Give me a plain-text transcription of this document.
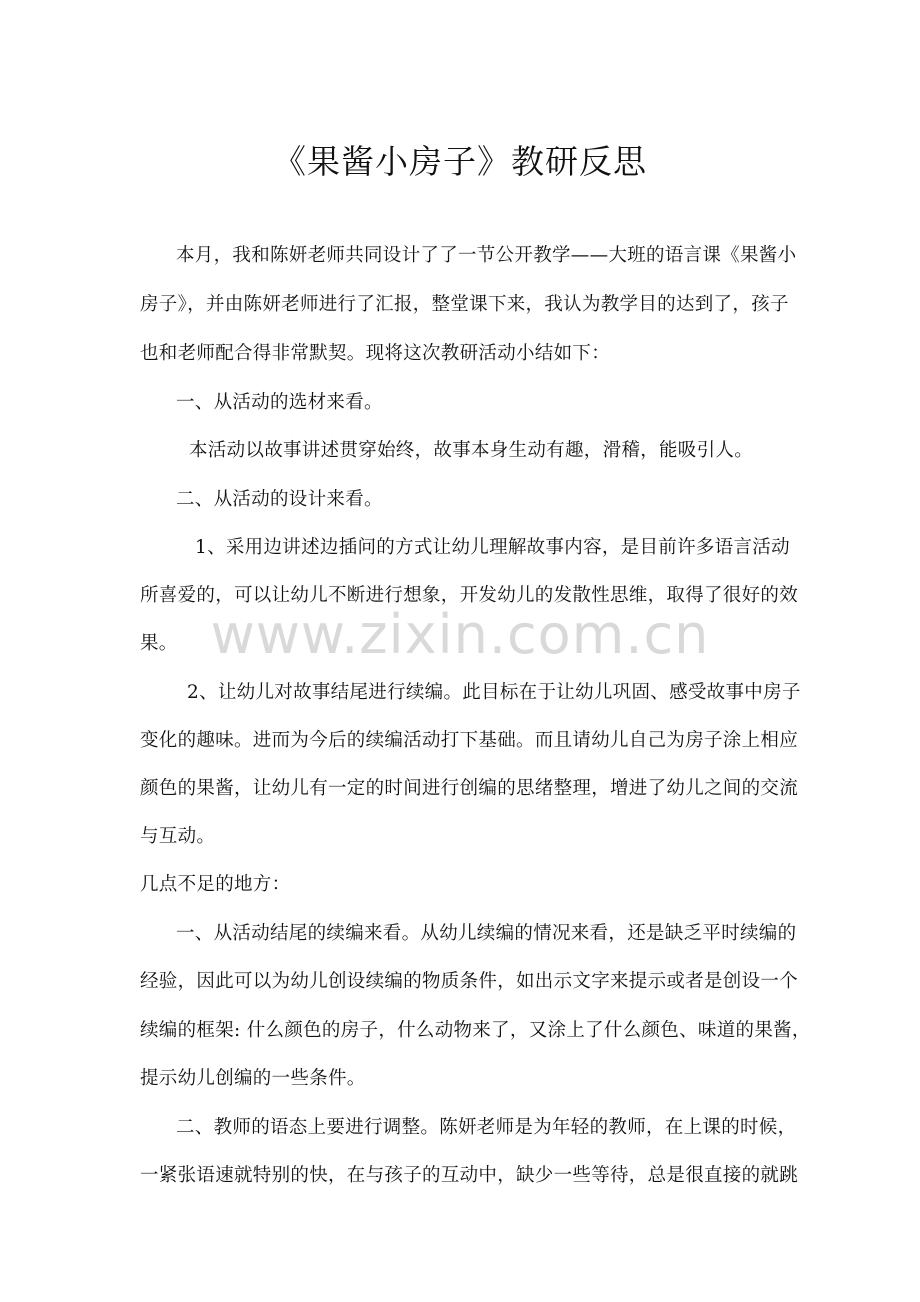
《果酱小房子》教研反思
本月，我和陈妍老师共同设计了了一节公开教学——大班的语言课《果酱小
房子》，并由陈妍老师进行了汇报，整堂课下来，我认为教学目的达到了，孩子
也和老师配合得非常默契。现将这次教研活动小结如下：
一、从活动的选材来看。
本活动以故事讲述贯穿始终，故事本身生动有趣，滑稽，能吸引人。
二、从活动的设计来看。
1、采用边讲述边插问的方式让幼儿理解故事内容，是目前许多语言活动
所喜爱的，可以让幼儿不断进行想象，开发幼儿的发散性思维，取得了很好的效
果。
2、让幼儿对故事结尾进行续编。此目标在于让幼儿巩固、感受故事中房子
变化的趣味。进而为今后的续编活动打下基础。而且请幼儿自己为房子涂上相应
颜色的果酱，让幼儿有一定的时间进行创编的思绪整理，增进了幼儿之间的交流
与互动。
几点不足的地方：
一、从活动结尾的续编来看。从幼儿续编的情况来看，还是缺乏平时续编的
经验，因此可以为幼儿创设续编的物质条件，如出示文字来提示或者是创设一个
续编的框架: 什么颜色的房子，什么动物来了，又涂上了什么颜色、味道的果酱，
提示幼儿创编的一些条件。
二、教师的语态上要进行调整。陈妍老师是为年轻的教师，在上课的时候，
一紧张语速就特别的快，在与孩子的互动中，缺少一些等待，总是很直接的就跳
www.zixin.com.cn
